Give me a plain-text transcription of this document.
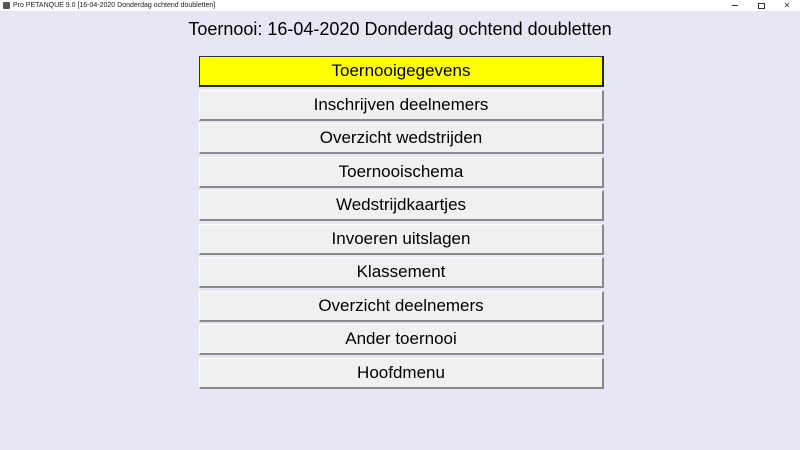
Pro PETANQUE 9.0 [16-04-2020 Donderdag ochtend doubletten]	✕
Toernooi: 16-04-2020 Donderdag ochtend doubletten
Toernooigegevens
Inschrijven deelnemers
Overzicht wedstrijden
Toernooischema
Wedstrijdkaartjes
Invoeren uitslagen
Klassement
Overzicht deelnemers
Ander toernooi
Hoofdmenu
